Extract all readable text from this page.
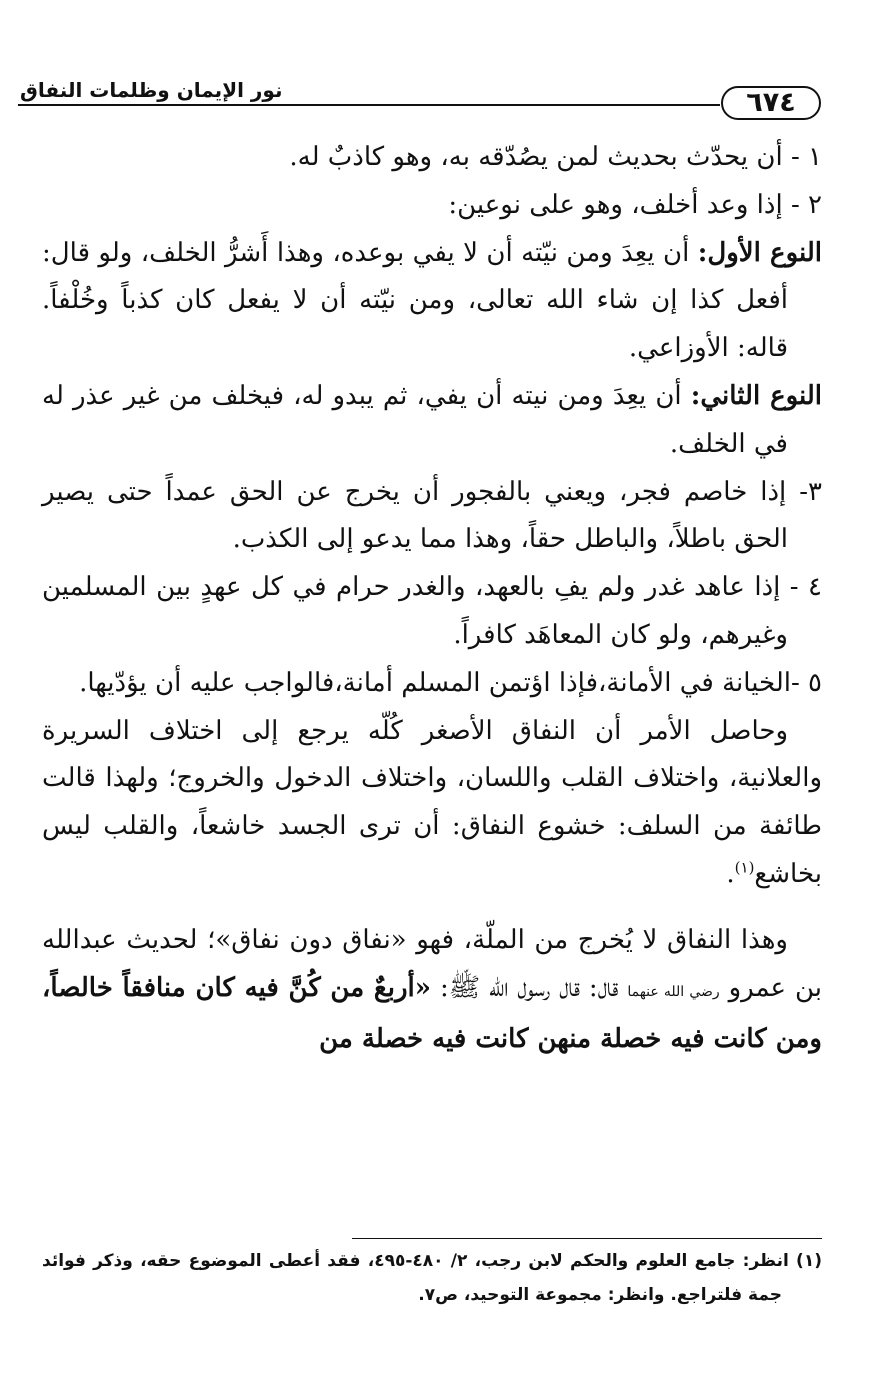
نور الإيمان وظلمات النفاق	٦٧٤

١ - أن يحدّث بحديث لمن يصُدّقه به، وهو كاذبٌ له.

٢ - إذا وعد أخلف، وهو على نوعين:

النوع الأول: أن يعِدَ ومن نيّته أن لا يفي بوعده، وهذا أَشرُّ الخلف، ولو قال: أفعل كذا إن شاء الله تعالى، ومن نيّته أن لا يفعل كان كذباً وخُلْفاً. قاله: الأوزاعي.

النوع الثاني: أن يعِدَ ومن نيته أن يفي، ثم يبدو له، فيخلف من غير عذر له في الخلف.

٣- إذا خاصم فجر، ويعني بالفجور أن يخرج عن الحق عمداً حتى يصير الحق باطلاً، والباطل حقاً، وهذا مما يدعو إلى الكذب.

٤ - إذا عاهد غدر ولم يفِ بالعهد، والغدر حرام في كل عهدٍ بين المسلمين وغيرهم، ولو كان المعاهَد كافراً.

٥ -الخيانة في الأمانة،فإذا اؤتمن المسلم أمانة،فالواجب عليه أن يؤدّيها.

وحاصل الأمر أن النفاق الأصغر كُلّه يرجع إلى اختلاف السريرة والعلانية، واختلاف القلب واللسان، واختلاف الدخول والخروج؛ ولهذا قالت طائفة من السلف: خشوع النفاق: أن ترى الجسد خاشعاً، والقلب ليس بخاشع$^{(١)}$.

وهذا النفاق لا يُخرج من الملّة، فهو «نفاق دون نفاق»؛ لحديث عبدالله بن عمرو رضي الله عنهما قال: قال رسول الله ﷺ: «أربعٌ من كُنَّ فيه كان منافقاً خالصاً، ومن كانت فيه خصلة منهن كانت فيه خصلة من

(١) انظر: جامع العلوم والحكم لابن رجب، ٢/ ٤٨٠-٤٩٥، فقد أعطى الموضوع حقه، وذكر فوائد جمة فلتراجع. وانظر: مجموعة التوحيد، ص٧.
